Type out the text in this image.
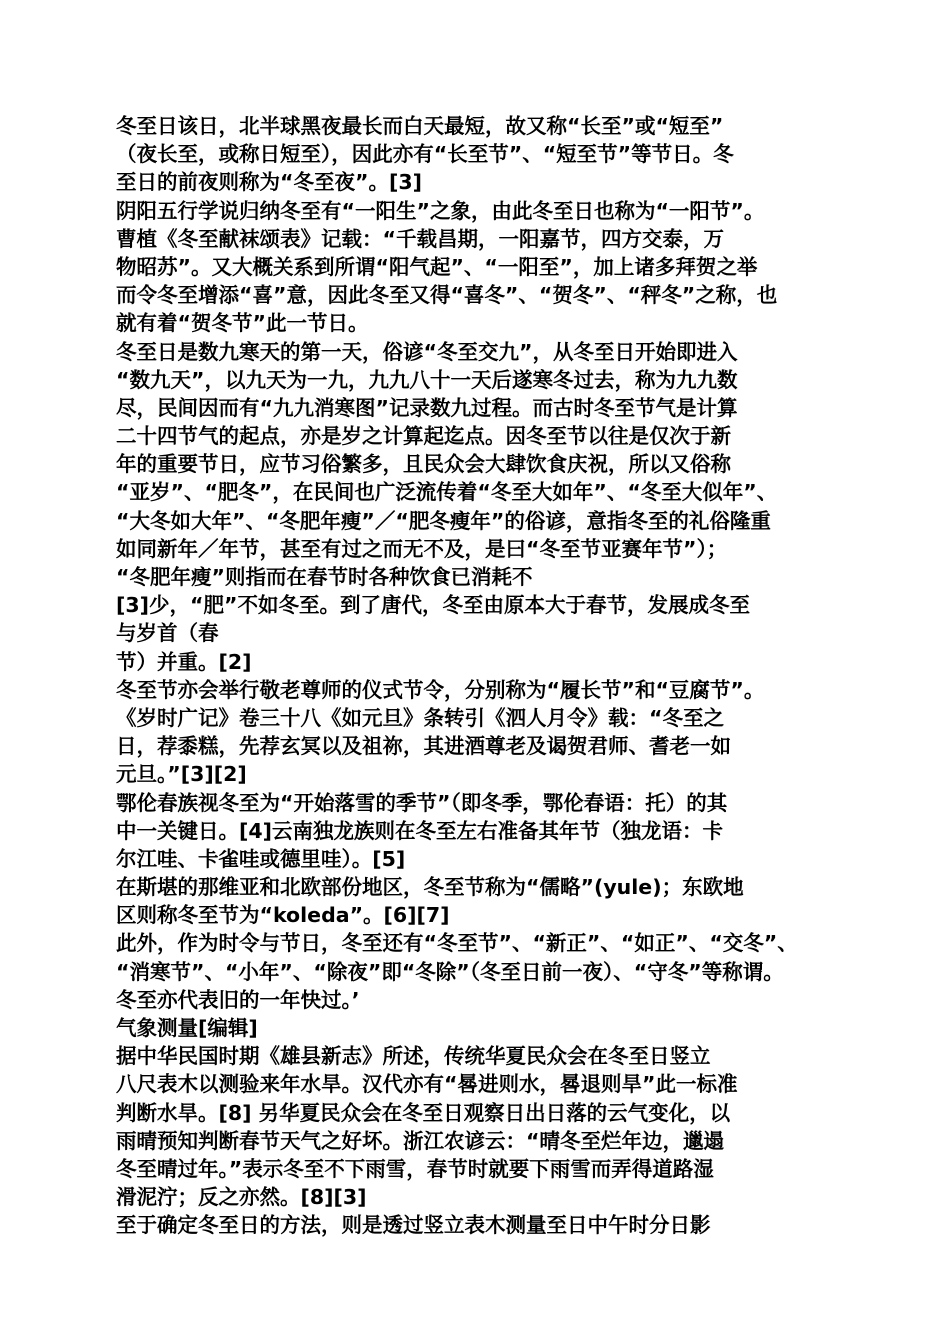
冬至日该日，北半球黑夜最长而白天最短，故又称“长至”或“短至”
（夜长至，或称日短至），因此亦有“长至节”、“短至节”等节日。冬
至日的前夜则称为“冬至夜”。[3]
阴阳五行学说归纳冬至有“一阳生”之象，由此冬至日也称为“一阳节”。
曹植《冬至献袜颂表》记载：“千载昌期，一阳嘉节，四方交泰，万
物昭苏”。又大概关系到所谓“阳气起”、“一阳至”，加上诸多拜贺之举
而令冬至增添“喜”意，因此冬至又得“喜冬”、“贺冬”、“秤冬”之称，也
就有着“贺冬节”此一节日。
冬至日是数九寒天的第一天，俗谚“冬至交九”，从冬至日开始即进入
“数九天”，以九天为一九，九九八十一天后遂寒冬过去，称为九九数
尽，民间因而有“九九消寒图”记录数九过程。而古时冬至节气是计算
二十四节气的起点，亦是岁之计算起迄点。因冬至节以往是仅次于新
年的重要节日，应节习俗繁多，且民众会大肆饮食庆祝，所以又俗称
“亚岁”、“肥冬”，在民间也广泛流传着“冬至大如年”、“冬至大似年”、
“大冬如大年”、“冬肥年瘦”／“肥冬瘦年”的俗谚，意指冬至的礼俗隆重
如同新年／年节，甚至有过之而无不及，是曰“冬至节亚赛年节”）；
“冬肥年瘦”则指而在春节时各种饮食已消耗不
[3]少，“肥”不如冬至。到了唐代，冬至由原本大于春节，发展成冬至
与岁首（春
节）并重。[2]
冬至节亦会举行敬老尊师的仪式节令，分别称为“履长节”和“豆腐节”。
《岁时广记》卷三十八《如元旦》条转引《泗人月令》载：“冬至之
日，荐黍糕，先荐玄冥以及祖祢，其进酒尊老及谒贺君师、耆老一如
元旦。”[3][2]
鄂伦春族视冬至为“开始落雪的季节”（即冬季，鄂伦春语：托）的其
中一关键日。[4]云南独龙族则在冬至左右准备其年节（独龙语：卡
尔江哇、卡雀哇或德里哇）。[5]
在斯堪的那维亚和北欧部份地区，冬至节称为“儒略”(yule)；东欧地
区则称冬至节为“koleda”。[6][7]
此外，作为时令与节日，冬至还有“冬至节”、“新正”、“如正”、“交冬”、
“消寒节”、“小年”、“除夜”即“冬除”（冬至日前一夜）、“守冬”等称谓。
冬至亦代表旧的一年快过。’
气象测量[编辑]
据中华民国时期《雄县新志》所述，传统华夏民众会在冬至日竖立
八尺表木以测验来年水旱。汉代亦有“晷进则水，晷退则旱”此一标准
判断水旱。[8] 另华夏民众会在冬至日观察日出日落的云气变化，以
雨晴预知判断春节天气之好坏。浙江农谚云：“晴冬至烂年边，邋遢
冬至晴过年。”表示冬至不下雨雪，春节时就要下雨雪而弄得道路湿
滑泥泞；反之亦然。[8][3]
至于确定冬至日的方法，则是透过竖立表木测量至日中午时分日影
